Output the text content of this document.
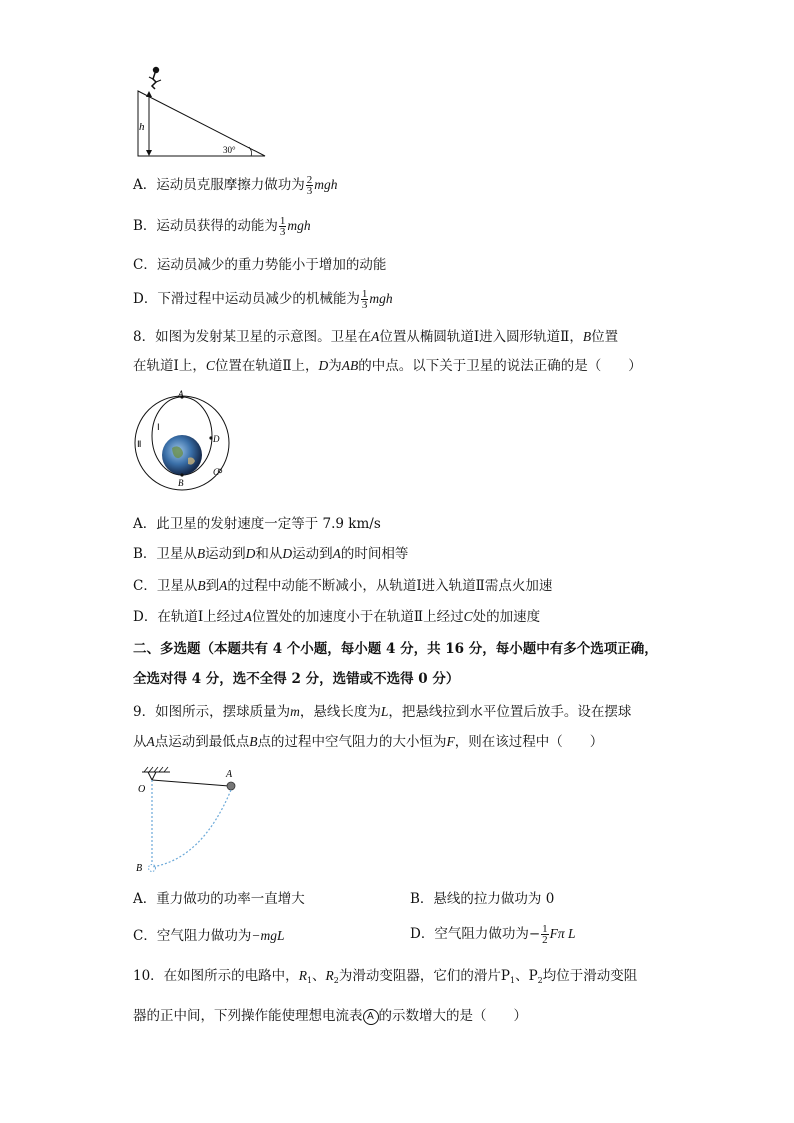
h
30°
A．运动员克服摩擦力做功为 $\frac{2}{3}$ mgh
B．运动员获得的动能为 $\frac{1}{3}$ mgh
C．运动员减少的重力势能小于增加的动能
D．下滑过程中运动员减少的机械能为 $\frac{1}{3}$ mgh
8．如图为发射某卫星的示意图。卫星在A位置从椭圆轨道Ⅰ进入圆形轨道Ⅱ，B位置
在轨道Ⅰ上，C位置在轨道Ⅱ上，D为AB的中点。以下关于卫星的说法正确的是（　　）
A
B
D
C
Ⅰ
Ⅱ
A．此卫星的发射速度一定等于 7.9 km/s
B．卫星从B运动到D和从D运动到A的时间相等
C．卫星从B到A的过程中动能不断减小，从轨道Ⅰ进入轨道Ⅱ需点火加速
D．在轨道Ⅰ上经过A位置处的加速度小于在轨道Ⅱ上经过C处的加速度
二、多选题（本题共有 4 个小题，每小题 4 分，共 16 分，每小题中有多个选项正确，
全选对得 4 分，选不全得 2 分，选错或不选得 0 分）
9．如图所示，摆球质量为m，悬线长度为L，把悬线拉到水平位置后放手。设在摆球
从A点运动到最低点B点的过程中空气阻力的大小恒为F，则在该过程中（　　）
O
A
B
A．重力做功的功率一直增大	B．悬线的拉力做功为 0
C．空气阻力做功为−mgL	D．空气阻力做功为− $\frac{1}{2}$ Fπ L
10．在如图所示的电路中，$R_1$、$R_2$为滑动变阻器，它们的滑片$P_1$、$P_2$均位于滑动变阻
器的正中间，下列操作能使理想电流表 A 的示数增大的是（　　）
